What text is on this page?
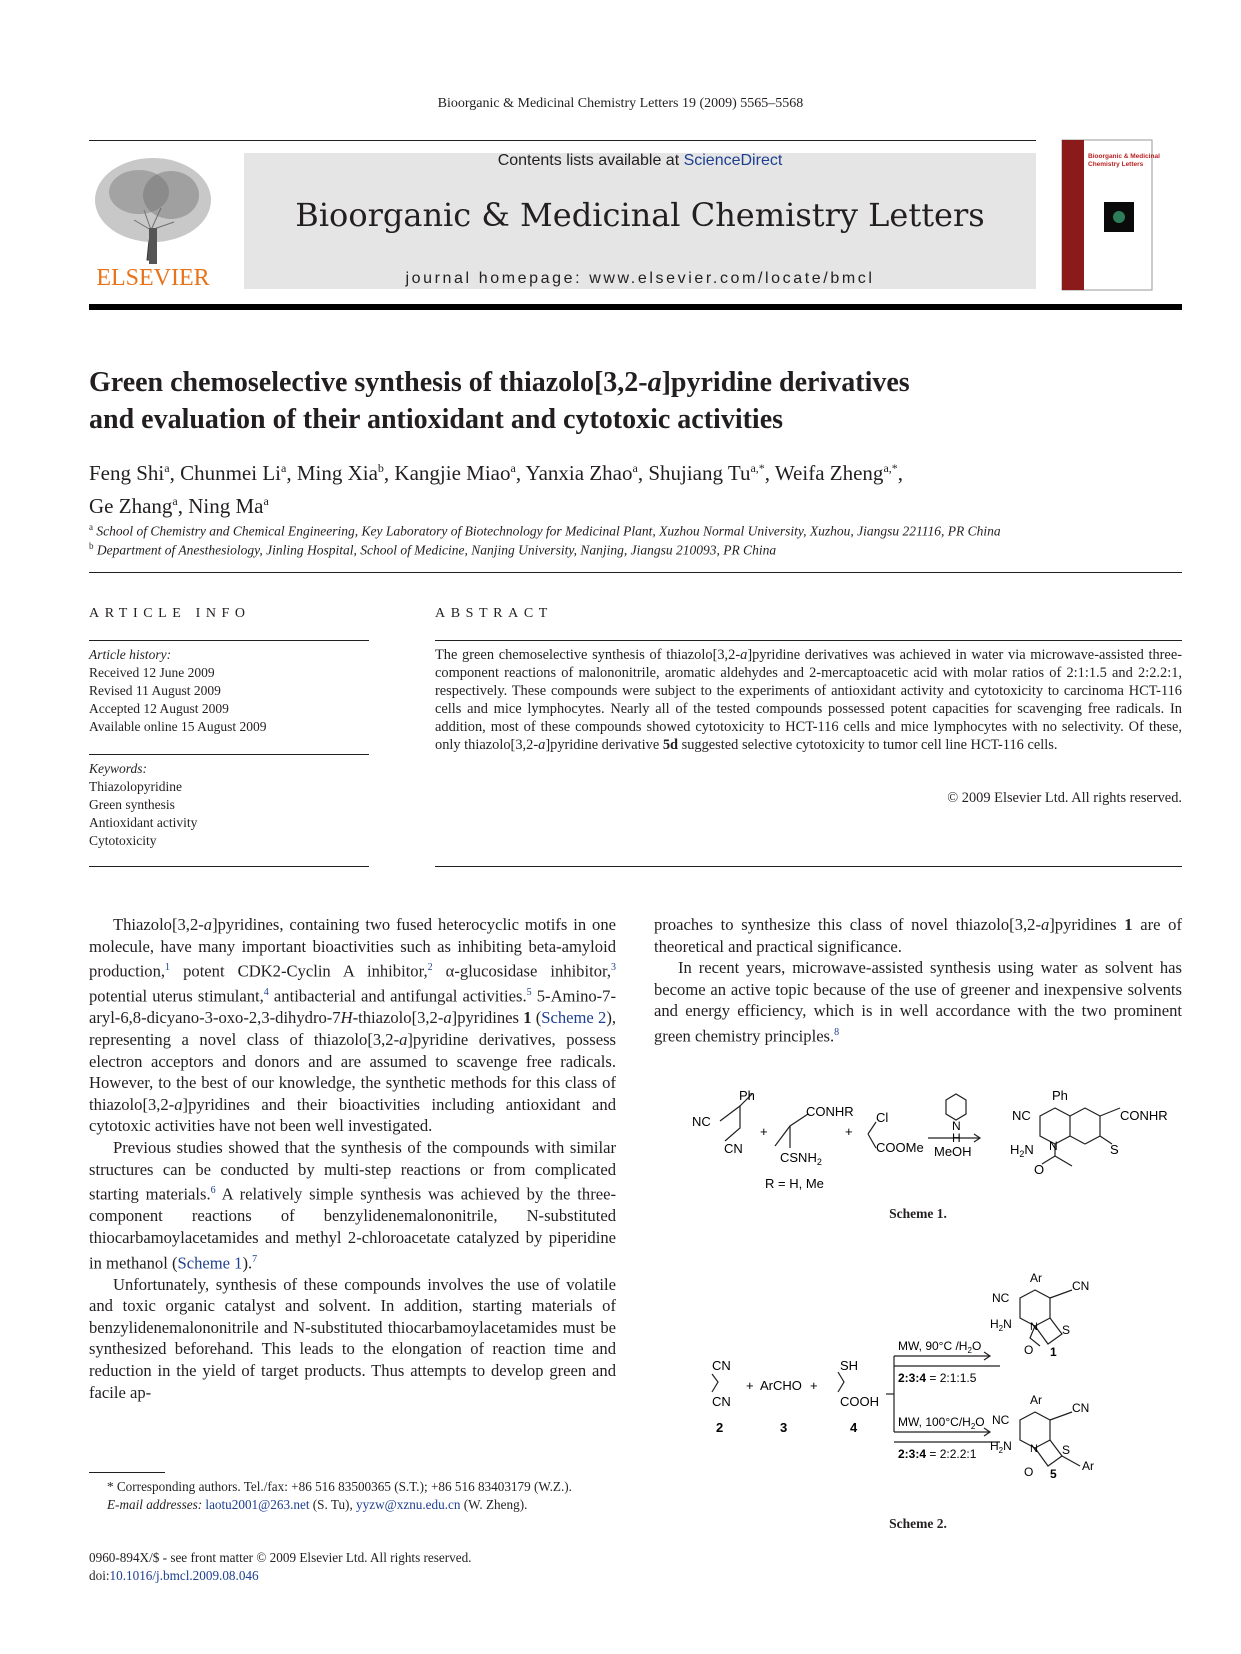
Bioorganic & Medicinal Chemistry Letters 19 (2009) 5565–5568
ELSEVIER
Contents lists available at ScienceDirect
Bioorganic & Medicinal Chemistry Letters
journal homepage: www.elsevier.com/locate/bmcl
Bioorganic & Medicinal
Chemistry Letters
Green chemoselective synthesis of thiazolo[3,2-a]pyridine derivatives
and evaluation of their antioxidant and cytotoxic activities
Feng Shi$^a$, Chunmei Li$^a$, Ming Xia$^b$, Kangjie Miao$^a$, Yanxia Zhao$^a$, Shujiang $Tu^{a,*}$, Weifa Zheng$^{a,*}$,
Ge Zhang$^a$, Ning Ma$^a$
$^a$ School of Chemistry and Chemical Engineering, Key Laboratory of Biotechnology for Medicinal Plant, Xuzhou Normal University, Xuzhou, Jiangsu 221116, PR China
$^b$ Department of Anesthesiology, Jinling Hospital, School of Medicine, Nanjing University, Nanjing, Jiangsu 210093, PR China
ARTICLE INFO	ABSTRACT
Article history:
Received 12 June 2009
Revised 11 August 2009
Accepted 12 August 2009
Available online 15 August 2009
Keywords:
Thiazolopyridine
Green synthesis
Antioxidant activity
Cytotoxicity
The green chemoselective synthesis of thiazolo[3,2-a]pyridine derivatives was achieved in water via microwave-assisted three-component reactions of malononitrile, aromatic aldehydes and 2-mercaptoacetic acid with molar ratios of 2:1:1.5 and 2:2.2:1, respectively. These compounds were subject to the experiments of antioxidant activity and cytotoxicity to carcinoma HCT-116 cells and mice lymphocytes. Nearly all of the tested compounds possessed potent capacities for scavenging free radicals. In addition, most of these compounds showed cytotoxicity to HCT-116 cells and mice lymphocytes with no selectivity. Of these, only thiazolo[3,2-a]pyridine derivative 5d suggested selective cytotoxicity to tumor cell line HCT-116 cells.
© 2009 Elsevier Ltd. All rights reserved.

Thiazolo[3,2-a]pyridines, containing two fused heterocyclic motifs in one molecule, have many important bioactivities such as inhibiting beta-amyloid production,$^1$ potent CDK2-Cyclin A inhibitor,$^2$ α-glucosidase inhibitor,$^3$ potential uterus stimulant,$^4$ antibacterial and antifungal activities.$^5$ 5-Amino-7-aryl-6,8-dicyano-3-oxo-2,3-dihydro-7H-thiazolo[3,2-a]pyridines 1 (Scheme 2), representing a novel class of thiazolo[3,2-a]pyridine derivatives, possess electron acceptors and donors and are assumed to scavenge free radicals. However, to the best of our knowledge, the synthetic methods for this class of thiazolo[3,2-a]pyridines and their bioactivities including antioxidant and cytotoxic activities have not been well investigated.

Previous studies showed that the synthesis of the compounds with similar structures can be conducted by multi-step reactions or from complicated starting materials.$^6$ A relatively simple synthesis was achieved by the three-component reactions of benzylidenemalononitrile, N-substituted thiocarbamoylacetamides and methyl 2-chloroacetate catalyzed by piperidine in methanol (Scheme 1).$^7$

Unfortunately, synthesis of these compounds involves the use of volatile and toxic organic catalyst and solvent. In addition, starting materials of benzylidenemalononitrile and N-substituted thiocarbamoylacetamides must be synthesized beforehand. This leads to the elongation of reaction time and reduction in the yield of target products. Thus attempts to develop green and facile ap-

proaches to synthesize this class of novel thiazolo[3,2-a]pyridines 1 are of theoretical and practical significance.

In recent years, microwave-assisted synthesis using water as solvent has become an active topic because of the use of greener and inexpensive solvents and energy efficiency, which is in well accordance with the two prominent green chemistry principles.$^8$

Ph
NC
CN
+
CONHR
$CSNH_2$
+
Cl
COOMe
N
H
MeOH
R = H, Me
Ph
NC	CONHR
$H_2N$ N	S
O
Scheme 1.
CN
CN
+ ArCHO +
SH
COOH
2	3	4
MW, 90°C $/H_2O$
2:3:4 = 2:1:1.5
MW, $100^\circ C/H_2O$
2:3:4 = 2:2.2:1
Ar
NC
CN
$H_2N$ N S
O 1
Ar
NC
CN
$H_2N$ N S
O 5
Ar
Scheme 2.

* Corresponding authors. Tel./fax: +86 516 83500365 (S.T.); +86 516 83403179 (W.Z.).

E-mail addresses: laotu2001@263.net (S. Tu), yyzw@xznu.edu.cn (W. Zheng).

0960-894X/$ - see front matter © 2009 Elsevier Ltd. All rights reserved.
doi:10.1016/j.bmcl.2009.08.046
